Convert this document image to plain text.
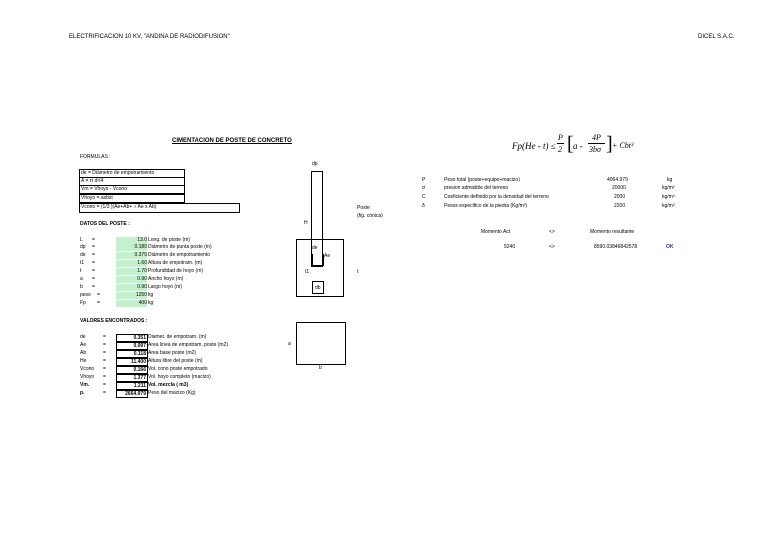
ELECTRIFICACION 10 KV, "ANDINA DE RADIODIFUSION"	DICEL S.A.C.
CIMENTACION DE POSTE DE CONCRETO	Fp(He - t) ≤
P
2 [ a -
4P
3bσ ] + Cbt³
FORMULAS :
de = Diámetro de empotramiento
A = π d²/4
Vm = Vhoyo - Vcono
Vhoyo = axbxt
Vcono = (1/3 )(Ae+Ab+ √ Ae x Ab)
P	Peso total (poste+equipo+macizo)	4064.979	kg
σ	presion admisible del terreno	20000	kg/m²
C	Coeficiente definido por la densidad del terreno	2000	kg/m³
δ	Pesos especifico de la piedra (Kg/m³)	2200	kg/m³
Momento Act	<>	Momento resultante
5240	<>	8590.03846842578	OK
dp
H
Poste
(fig. cónica)
de
Ae
t1	t
db
a
b
DATOS DEL POSTE :
L =	13.0 Long. de poste (m)
dp =	0.180 Diámetro de punta poste (m)
de =	0.375 Diámetro de empotramiento
t1 =	1.60 Altura de empotram. (m)
t =	1.70 Profundidad de hoyo (m)
a =	0.90 Ancho hoyo (m)
b =	0.90 Largo hoyo (m)
peso =	1250 kg
Fp =	400 kg
VALORES ENCONTRADOS :
de	=	0.351 Diamet. de empotram. (m)
Ae	=	0.097 Area linea de empotram. poste (m2)
Ab	=	0.118 Area base poste (m2)
He	=	11.400 Altura libre del poste (m)
Vcono =	0.166 Vol. cono poste empotrado
Vhoyo =	1.377 Vol. hoyo completo (macizo)
Vm.	=	1.211 Vol. mezcla ( m3)
p.	=	2664.979 Peso del macizo (Kg)
